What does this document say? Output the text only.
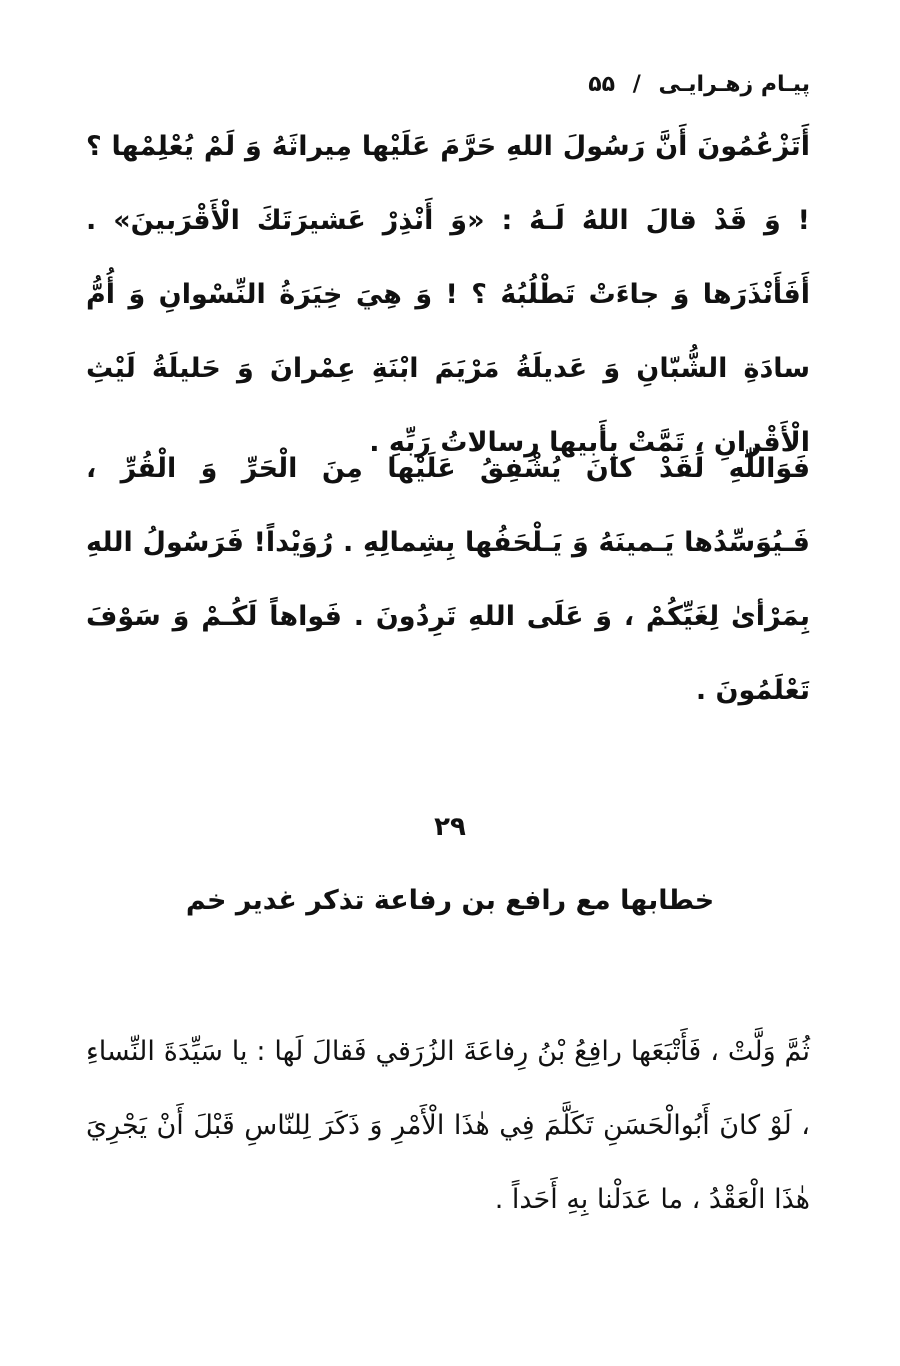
پیـام زهـرایـی / ۵۵
أَتَزْعُمُونَ أَنَّ رَسُولَ اللهِ حَرَّمَ عَلَيْها مِيراثَهُ وَ لَمْ يُعْلِمْها ؟ ! وَ قَدْ قالَ اللهُ لَـهُ : «وَ أَنْذِرْ عَشيرَتَكَ الْأَقْرَبينَ» . أَفَأَنْذَرَها وَ جاءَتْ تَطْلُبُهُ ؟ ! وَ هِيَ خِيَرَةُ النِّسْوانِ وَ أُمُّ سادَةِ الشُّبّانِ وَ عَديلَةُ مَرْيَمَ ابْنَةِ عِمْرانَ وَ حَليلَةُ لَيْثِ الْأَقْرانِ ، تَمَّتْ بِأَبيها رِسالاتُ رَبِّهِ .
فَوَاللّٰهِ لَقَدْ كانَ يُشْفِقُ عَلَيْها مِنَ الْحَرِّ وَ الْقُرِّ ، فَـيُوَسِّدُها يَـمينَهُ وَ يَـلْحَفُها بِشِمالِهِ . رُوَيْداً! فَرَسُولُ اللهِ بِمَرْأىٰ لِغَيِّكُمْ ، وَ عَلَى اللهِ تَرِدُونَ . فَواهاً لَكُـمْ وَ سَوْفَ تَعْلَمُونَ .
۲۹
خطابها مع رافع بن رفاعة تذكر غدير خم
ثُمَّ وَلَّتْ ، فَأَتْبَعَها رافِعُ بْنُ رِفاعَةَ الزُرَقي فَقالَ لَها : يا سَيِّدَةَ النِّساءِ ، لَوْ كانَ أَبُوالْحَسَنِ تَكَلَّمَ فِي هٰذَا الْأَمْرِ وَ ذَكَرَ لِلنّاسِ قَبْلَ أَنْ يَجْرِيَ هٰذَا الْعَقْدُ ، ما عَدَلْنا بِهِ أَحَداً .
